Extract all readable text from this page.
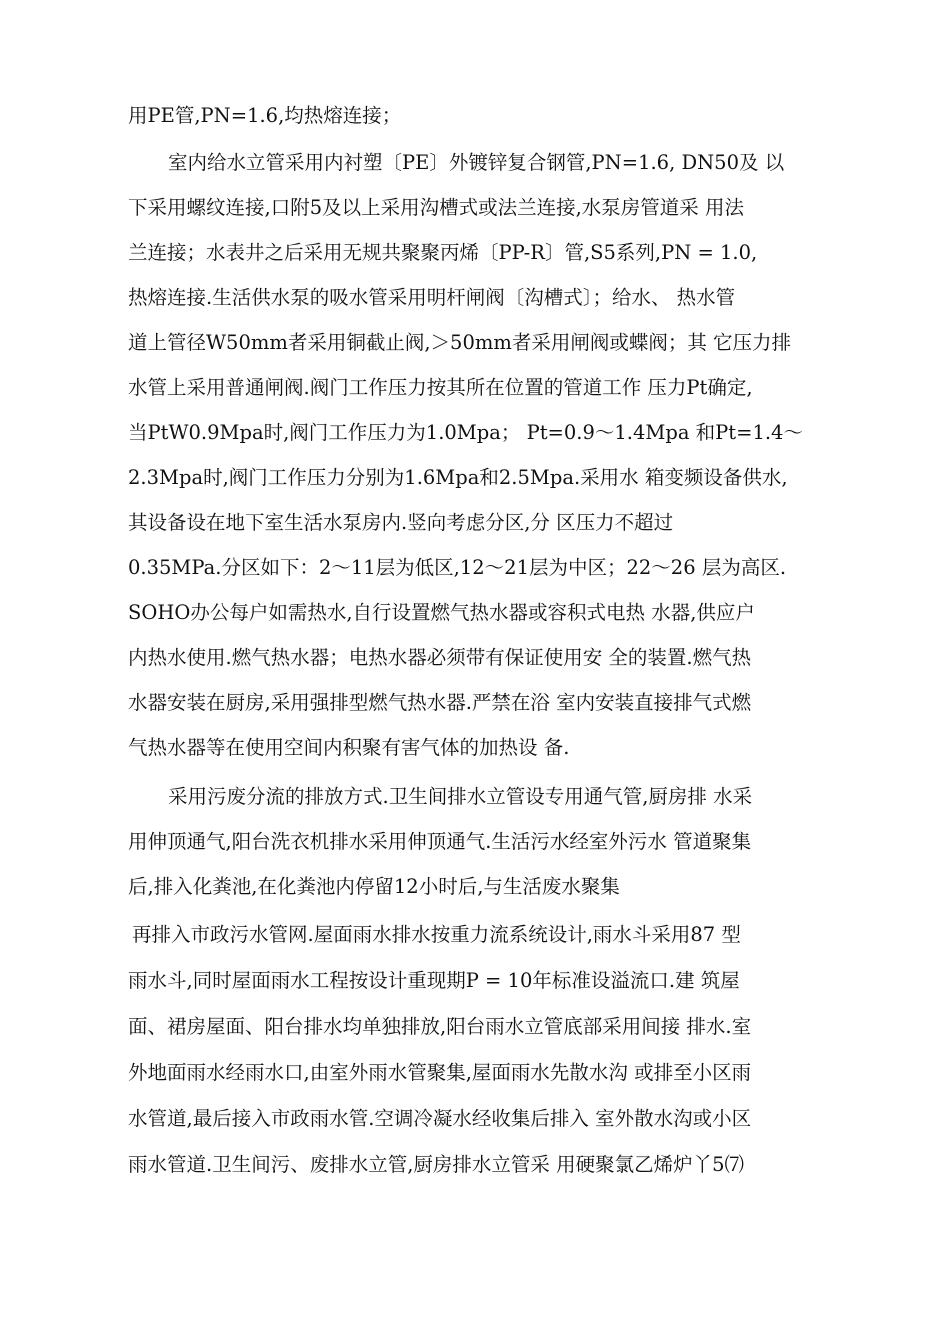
用PE管,PN=1.6,均热熔连接；
室内给水立管采用内衬塑〔PE〕外镀锌复合钢管,PN=1.6, DN50及 以
下采用螺纹连接,口附5及以上采用沟槽式或法兰连接,水泵房管道采 用法
兰连接；水表井之后采用无规共聚聚丙烯〔PP-R〕管,S5系列,PN = 1.0,
热熔连接.生活供水泵的吸水管采用明杆闸阀〔沟槽式〕；给水、 热水管
道上管径W50mm者采用铜截止阀,＞50mm者采用闸阀或蝶阀；其 它压力排
水管上采用普通闸阀.阀门工作压力按其所在位置的管道工作 压力Pt确定,
当PtW0.9Mpa时,阀门工作压力为1.0Mpa； Pt=0.9〜1.4Mpa 和Pt=1.4〜
2.3Mpa时,阀门工作压力分别为1.6Mpa和2.5Mpa.采用水 箱变频设备供水,
其设备设在地下室生活水泵房内.竖向考虑分区,分 区压力不超过
0.35MPa.分区如下：2〜11层为低区,12〜21层为中区；22〜26 层为高区.
SOHO办公每户如需热水,自行设置燃气热水器或容积式电热 水器,供应户
内热水使用.燃气热水器；电热水器必须带有保证使用安 全的装置.燃气热
水器安装在厨房,采用强排型燃气热水器.严禁在浴 室内安装直接排气式燃
气热水器等在使用空间内积聚有害气体的加热设 备.
采用污废分流的排放方式.卫生间排水立管设专用通气管,厨房排 水采
用伸顶通气,阳台洗衣机排水采用伸顶通气.生活污水经室外污水 管道聚集
后,排入化粪池,在化粪池内停留12小时后,与生活废水聚集
再排入市政污水管网.屋面雨水排水按重力流系统设计,雨水斗采用87 型
雨水斗,同时屋面雨水工程按设计重现期P = 10年标准设溢流口.建 筑屋
面、裙房屋面、阳台排水均单独排放,阳台雨水立管底部采用间接 排水.室
外地面雨水经雨水口,由室外雨水管聚集,屋面雨水先散水沟 或排至小区雨
水管道,最后接入市政雨水管.空调冷凝水经收集后排入 室外散水沟或小区
雨水管道.卫生间污、废排水立管,厨房排水立管采 用硬聚氯乙烯炉丫5⑺
